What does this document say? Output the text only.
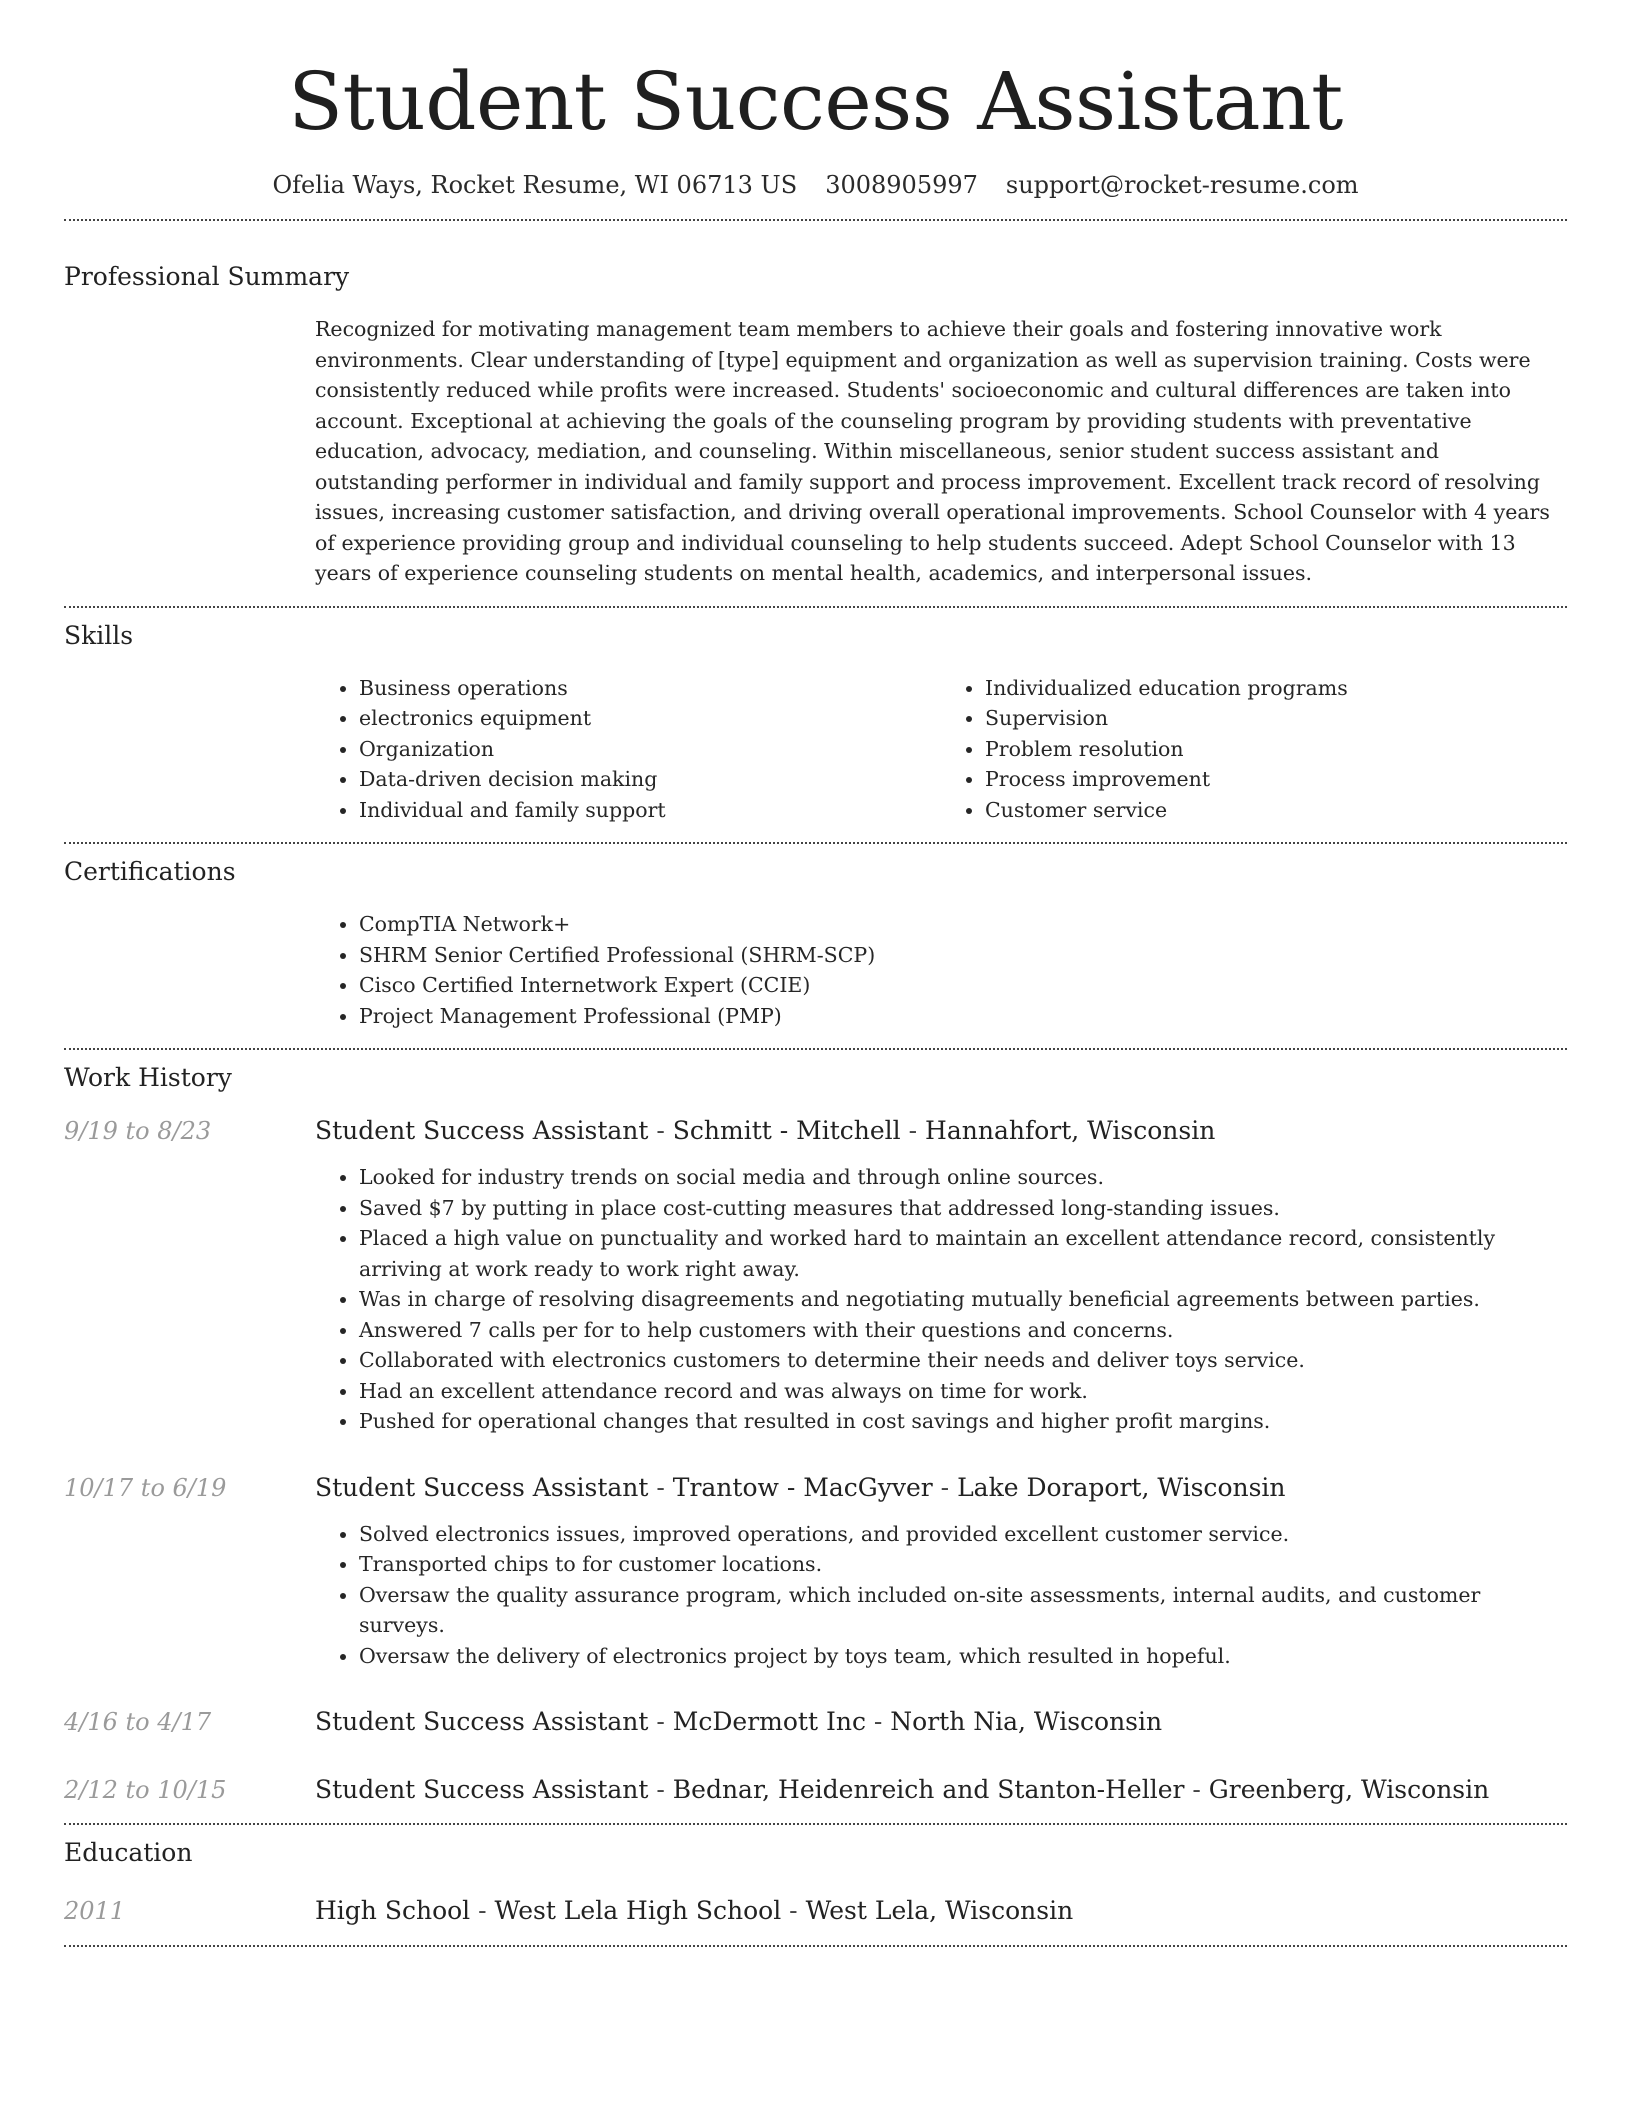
Student Success Assistant
Ofelia Ways, Rocket Resume, WI 06713 US 3008905997 support@rocket-resume.com
Professional Summary
Recognized for motivating management team members to achieve their goals and fostering innovative work environments. Clear understanding of [type] equipment and organization as well as supervision training. Costs were consistently reduced while profits were increased. Students' socioeconomic and cultural differences are taken into account. Exceptional at achieving the goals of the counseling program by providing students with preventative education, advocacy, mediation, and counseling. Within miscellaneous, senior student success assistant and outstanding performer in individual and family support and process improvement. Excellent track record of resolving issues, increasing customer satisfaction, and driving overall operational improvements. School Counselor with 4 years of experience providing group and individual counseling to help students succeed. Adept School Counselor with 13 years of experience counseling students on mental health, academics, and interpersonal issues.
Skills
• Business operations
• electronics equipment
• Organization
• Data-driven decision making
• Individual and family support
• Individualized education programs
• Supervision
• Problem resolution
• Process improvement
• Customer service
Certifications
• CompTIA Network+
• SHRM Senior Certified Professional (SHRM-SCP)
• Cisco Certified Internetwork Expert (CCIE)
• Project Management Professional (PMP)
Work History
9/19 to 8/23	Student Success Assistant - Schmitt - Mitchell - Hannahfort, Wisconsin
• Looked for industry trends on social media and through online sources.
• Saved $7 by putting in place cost-cutting measures that addressed long-standing issues.
• Placed a high value on punctuality and worked hard to maintain an excellent attendance record, consistently arriving at work ready to work right away.
• Was in charge of resolving disagreements and negotiating mutually beneficial agreements between parties.
• Answered 7 calls per for to help customers with their questions and concerns.
• Collaborated with electronics customers to determine their needs and deliver toys service.
• Had an excellent attendance record and was always on time for work.
• Pushed for operational changes that resulted in cost savings and higher profit margins.
10/17 to 6/19	Student Success Assistant - Trantow - MacGyver - Lake Doraport, Wisconsin
• Solved electronics issues, improved operations, and provided excellent customer service.
• Transported chips to for customer locations.
• Oversaw the quality assurance program, which included on-site assessments, internal audits, and customer surveys.
• Oversaw the delivery of electronics project by toys team, which resulted in hopeful.
4/16 to 4/17	Student Success Assistant - McDermott Inc - North Nia, Wisconsin
2/12 to 10/15	Student Success Assistant - Bednar, Heidenreich and Stanton-Heller - Greenberg, Wisconsin
Education
2011	High School - West Lela High School - West Lela, Wisconsin
